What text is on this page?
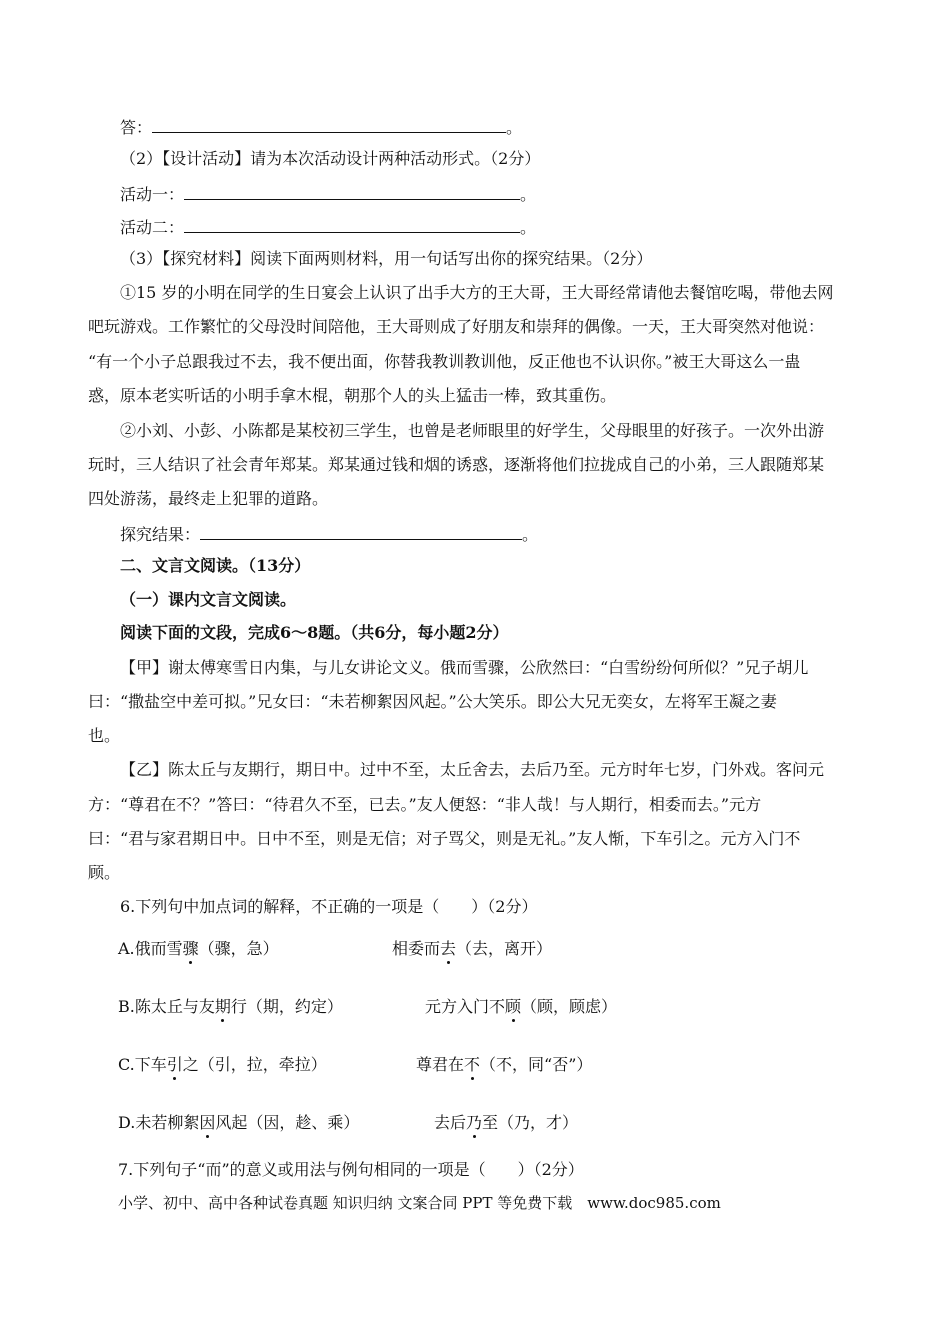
答：	。
（2）【设计活动】请为本次活动设计两种活动形式。（2分）
活动一：	。
活动二：	。
（3）【探究材料】阅读下面两则材料，用一句话写出你的探究结果。（2分）
①15 岁的小明在同学的生日宴会上认识了出手大方的王大哥，王大哥经常请他去餐馆吃喝，带他去网
吧玩游戏。工作繁忙的父母没时间陪他，王大哥则成了好朋友和崇拜的偶像。一天，王大哥突然对他说：
“有一个小子总跟我过不去，我不便出面，你替我教训教训他，反正他也不认识你。”被王大哥这么一蛊
惑，原本老实听话的小明手拿木棍，朝那个人的头上猛击一棒，致其重伤。
②小刘、小彭、小陈都是某校初三学生，也曾是老师眼里的好学生，父母眼里的好孩子。一次外出游
玩时，三人结识了社会青年郑某。郑某通过钱和烟的诱惑，逐渐将他们拉拢成自己的小弟，三人跟随郑某
四处游荡，最终走上犯罪的道路。
探究结果：	。
二、文言文阅读。（13分）
（一）课内文言文阅读。
阅读下面的文段，完成6～8题。（共6分，每小题2分）
【甲】谢太傅寒雪日内集，与儿女讲论文义。俄而雪骤，公欣然曰：“白雪纷纷何所似？”兄子胡儿
曰：“撒盐空中差可拟。”兄女曰：“未若柳絮因风起。”公大笑乐。即公大兄无奕女，左将军王凝之妻
也。
【乙】陈太丘与友期行，期日中。过中不至，太丘舍去，去后乃至。元方时年七岁，门外戏。客问元
方：“尊君在不？”答曰：“待君久不至，已去。”友人便怒：“非人哉！与人期行，相委而去。”元方
曰：“君与家君期日中。日中不至，则是无信；对子骂父，则是无礼。”友人惭，下车引之。元方入门不
顾。
6.下列句中加点词的解释，不正确的一项是（　　）（2分）
A.俄而雪骤（骤，急）	相委而去（去，离开）
B.陈太丘与友期行（期，约定）	元方入门不顾（顾，顾虑）
C.下车引之（引，拉，牵拉）	尊君在不（不，同“否”）
D.未若柳絮因风起（因，趁、乘）	去后乃至（乃，才）
7.下列句子“而”的意义或用法与例句相同的一项是（　　）（2分）
小学、初中、高中各种试卷真题 知识归纳 文案合同 PPT 等免费下载　www.doc985.com
